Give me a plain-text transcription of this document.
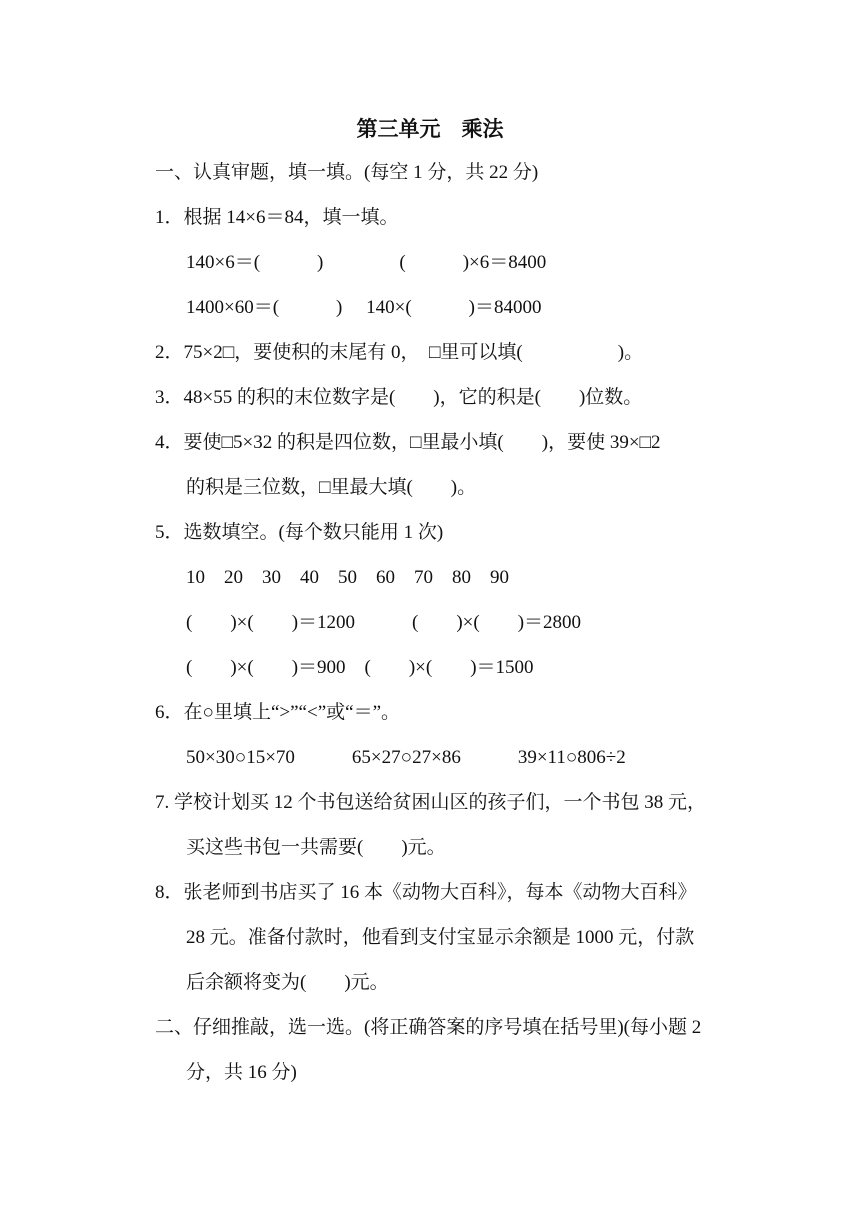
第三单元　乘法
一、认真审题，填一填。(每空 1 分，共 22 分)
1．根据 14×6＝84，填一填。
140×6＝(　　　)　　　　(　　　)×6＝8400
1400×60＝(　　　)　 140×(　　　)＝84000
2．75×2□，要使积的末尾有 0，　□里可以填(　　　　　)。
3．48×55 的积的末位数字是(　　)，它的积是(　　)位数。
4．要使□5×32 的积是四位数，□里最小填(　　)，要使 39×□2
的积是三位数，□里最大填(　　)。
5．选数填空。(每个数只能用 1 次)
10　20　30　40　50　60　70　80　90
(　　)×(　　)＝1200　　　(　　)×(　　)＝2800
(　　)×(　　)＝900　(　　)×(　　)＝1500
6．在○里填上“>”“<”或“＝”。
50×30○15×70　　　65×27○27×86　　　39×11○806÷2
7. 学校计划买 12 个书包送给贫困山区的孩子们，一个书包 38 元，
买这些书包一共需要(　　)元。
8．张老师到书店买了 16 本《动物大百科》，每本《动物大百科》
28 元。准备付款时，他看到支付宝显示余额是 1000 元，付款
后余额将变为(　　)元。
二、仔细推敲，选一选。(将正确答案的序号填在括号里)(每小题 2
分，共 16 分)
